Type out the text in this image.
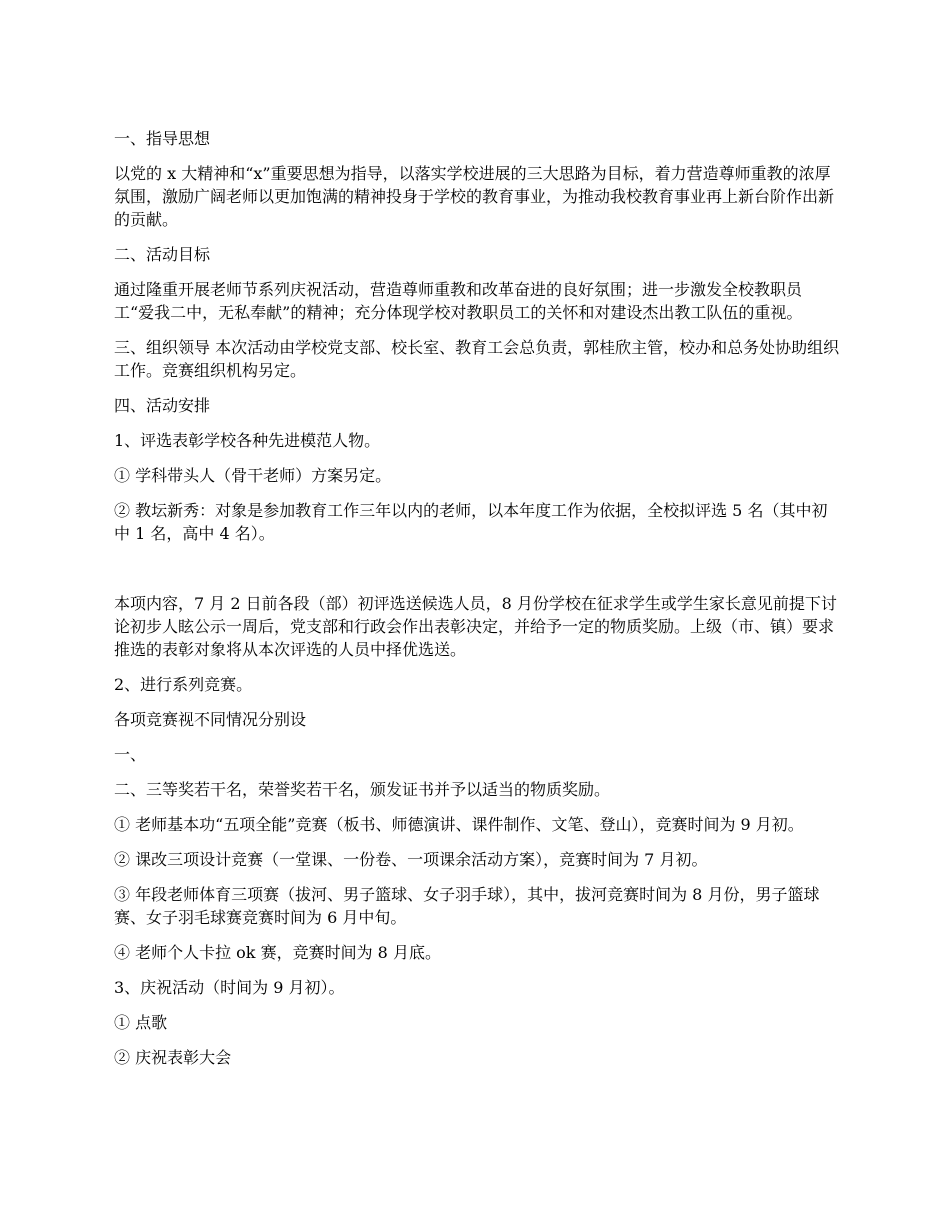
一、指导思想

以党的 x 大精神和“x”重要思想为指导，以落实学校进展的三大思路为目标，着力营造尊师重教的浓厚氛围，激励广阔老师以更加饱满的精神投身于学校的教育事业，为推动我校教育事业再上新台阶作出新的贡献。

二、活动目标

通过隆重开展老师节系列庆祝活动，营造尊师重教和改革奋进的良好氛围；进一步激发全校教职员工“爱我二中，无私奉献”的精神；充分体现学校对教职员工的关怀和对建设杰出教工队伍的重视。

三、组织领导 本次活动由学校党支部、校长室、教育工会总负责，郭桂欣主管，校办和总务处协助组织工作。竞赛组织机构另定。

四、活动安排

1、评选表彰学校各种先进模范人物。

① 学科带头人（骨干老师）方案另定。

② 教坛新秀：对象是参加教育工作三年以内的老师，以本年度工作为依据，全校拟评选 5 名（其中初中 1 名，高中 4 名）。

本项内容，7 月 2 日前各段（部）初评选送候选人员，8 月份学校在征求学生或学生家长意见前提下讨论初步人眩公示一周后，党支部和行政会作出表彰决定，并给予一定的物质奖励。上级（市、镇）要求推选的表彰对象将从本次评选的人员中择优选送。

2、进行系列竞赛。

各项竞赛视不同情况分别设

一、

二、三等奖若干名，荣誉奖若干名，颁发证书并予以适当的物质奖励。

① 老师基本功“五项全能”竞赛（板书、师德演讲、课件制作、文笔、登山），竞赛时间为 9 月初。

② 课改三项设计竞赛（一堂课、一份卷、一项课余活动方案），竞赛时间为 7 月初。

③ 年段老师体育三项赛（拔河、男子篮球、女子羽手球），其中，拔河竞赛时间为 8 月份，男子篮球赛、女子羽毛球赛竞赛时间为 6 月中旬。

④ 老师个人卡拉 ok 赛，竞赛时间为 8 月底。

3、庆祝活动（时间为 9 月初）。

① 点歌

② 庆祝表彰大会
